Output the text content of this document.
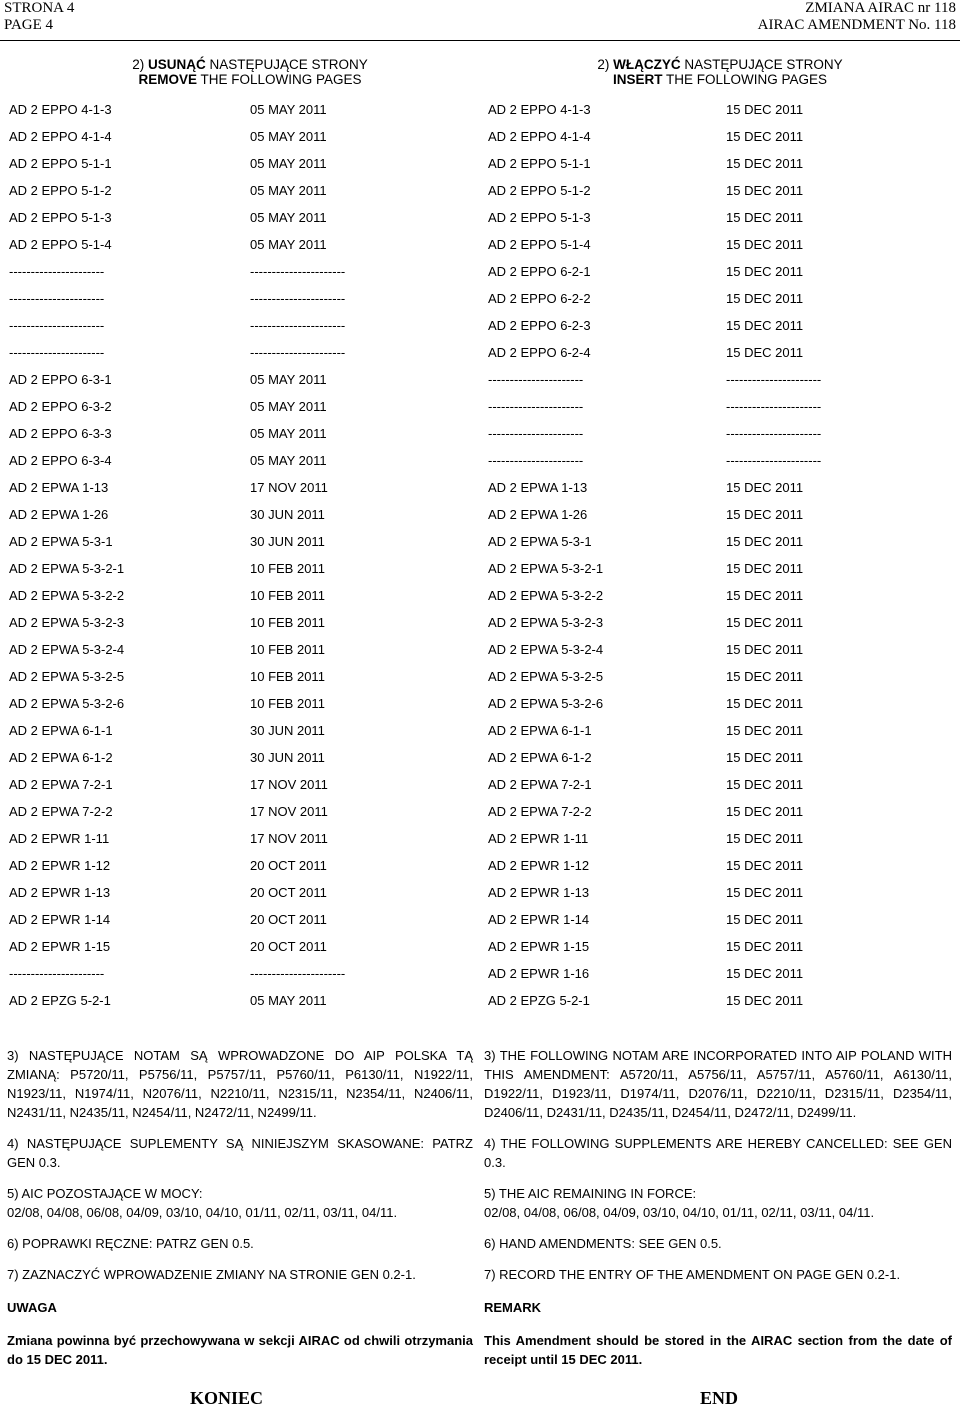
STRONA 4
PAGE 4
ZMIANA AIRAC nr 118
AIRAC AMENDMENT No. 118
2) USUNĄĆ NASTĘPUJĄCE STRONY
REMOVE THE FOLLOWING PAGES
2) WŁĄCZYĆ NASTĘPUJĄCE STRONY
INSERT THE FOLLOWING PAGES
AD 2 EPPO 4-1-3	05 MAY 2011	AD 2 EPPO 4-1-3	15 DEC 2011
AD 2 EPPO 4-1-4	05 MAY 2011	AD 2 EPPO 4-1-4	15 DEC 2011
AD 2 EPPO 5-1-1	05 MAY 2011	AD 2 EPPO 5-1-1	15 DEC 2011
AD 2 EPPO 5-1-2	05 MAY 2011	AD 2 EPPO 5-1-2	15 DEC 2011
AD 2 EPPO 5-1-3	05 MAY 2011	AD 2 EPPO 5-1-3	15 DEC 2011
AD 2 EPPO 5-1-4	05 MAY 2011	AD 2 EPPO 5-1-4	15 DEC 2011
----------------------	----------------------	AD 2 EPPO 6-2-1	15 DEC 2011
----------------------	----------------------	AD 2 EPPO 6-2-2	15 DEC 2011
----------------------	----------------------	AD 2 EPPO 6-2-3	15 DEC 2011
----------------------	----------------------	AD 2 EPPO 6-2-4	15 DEC 2011
AD 2 EPPO 6-3-1	05 MAY 2011	----------------------	----------------------
AD 2 EPPO 6-3-2	05 MAY 2011	----------------------	----------------------
AD 2 EPPO 6-3-3	05 MAY 2011	----------------------	----------------------
AD 2 EPPO 6-3-4	05 MAY 2011	----------------------	----------------------
AD 2 EPWA 1-13	17 NOV 2011	AD 2 EPWA 1-13	15 DEC 2011
AD 2 EPWA 1-26	30 JUN 2011	AD 2 EPWA 1-26	15 DEC 2011
AD 2 EPWA 5-3-1	30 JUN 2011	AD 2 EPWA 5-3-1	15 DEC 2011
AD 2 EPWA 5-3-2-1	10 FEB 2011	AD 2 EPWA 5-3-2-1	15 DEC 2011
AD 2 EPWA 5-3-2-2	10 FEB 2011	AD 2 EPWA 5-3-2-2	15 DEC 2011
AD 2 EPWA 5-3-2-3	10 FEB 2011	AD 2 EPWA 5-3-2-3	15 DEC 2011
AD 2 EPWA 5-3-2-4	10 FEB 2011	AD 2 EPWA 5-3-2-4	15 DEC 2011
AD 2 EPWA 5-3-2-5	10 FEB 2011	AD 2 EPWA 5-3-2-5	15 DEC 2011
AD 2 EPWA 5-3-2-6	10 FEB 2011	AD 2 EPWA 5-3-2-6	15 DEC 2011
AD 2 EPWA 6-1-1	30 JUN 2011	AD 2 EPWA 6-1-1	15 DEC 2011
AD 2 EPWA 6-1-2	30 JUN 2011	AD 2 EPWA 6-1-2	15 DEC 2011
AD 2 EPWA 7-2-1	17 NOV 2011	AD 2 EPWA 7-2-1	15 DEC 2011
AD 2 EPWA 7-2-2	17 NOV 2011	AD 2 EPWA 7-2-2	15 DEC 2011
AD 2 EPWR 1-11	17 NOV 2011	AD 2 EPWR 1-11	15 DEC 2011
AD 2 EPWR 1-12	20 OCT 2011	AD 2 EPWR 1-12	15 DEC 2011
AD 2 EPWR 1-13	20 OCT 2011	AD 2 EPWR 1-13	15 DEC 2011
AD 2 EPWR 1-14	20 OCT 2011	AD 2 EPWR 1-14	15 DEC 2011
AD 2 EPWR 1-15	20 OCT 2011	AD 2 EPWR 1-15	15 DEC 2011
----------------------	----------------------	AD 2 EPWR 1-16	15 DEC 2011
AD 2 EPZG 5-2-1	05 MAY 2011	AD 2 EPZG 5-2-1	15 DEC 2011

3) NASTĘPUJĄCE NOTAM SĄ WPROWADZONE DO AIP POLSKA TĄ ZMIANĄ: P5720/11, P5756/11, P5757/11, P5760/11, P6130/11, N1922/11, N1923/11, N1974/11, N2076/11, N2210/11, N2315/11, N2354/11, N2406/11, N2431/11, N2435/11, N2454/11, N2472/11, N2499/11.

4) NASTĘPUJĄCE SUPLEMENTY SĄ NINIEJSZYM SKASOWANE: PATRZ GEN 0.3.

5) AIC POZOSTAJĄCE W MOCY:
02/08, 04/08, 06/08, 04/09, 03/10, 04/10, 01/11, 02/11, 03/11, 04/11.

6) POPRAWKI RĘCZNE: PATRZ GEN 0.5.

7) ZAZNACZYĆ WPROWADZENIE ZMIANY NA STRONIE GEN 0.2-1.

UWAGA

Zmiana powinna być przechowywana w sekcji AIRAC od chwili otrzymania do 15 DEC 2011.

3) THE FOLLOWING NOTAM ARE INCORPORATED INTO AIP POLAND WITH THIS AMENDMENT: A5720/11, A5756/11, A5757/11, A5760/11, A6130/11, D1922/11, D1923/11, D1974/11, D2076/11, D2210/11, D2315/11, D2354/11, D2406/11, D2431/11, D2435/11, D2454/11, D2472/11, D2499/11.

4) THE FOLLOWING SUPPLEMENTS ARE HEREBY CANCELLED: SEE GEN 0.3.

5) THE AIC REMAINING IN FORCE:
02/08, 04/08, 06/08, 04/09, 03/10, 04/10, 01/11, 02/11, 03/11, 04/11.

6) HAND AMENDMENTS: SEE GEN 0.5.

7) RECORD THE ENTRY OF THE AMENDMENT ON PAGE GEN 0.2-1.

REMARK

This Amendment should be stored in the AIRAC section from the date of receipt until 15 DEC 2011.

KONIEC	END
